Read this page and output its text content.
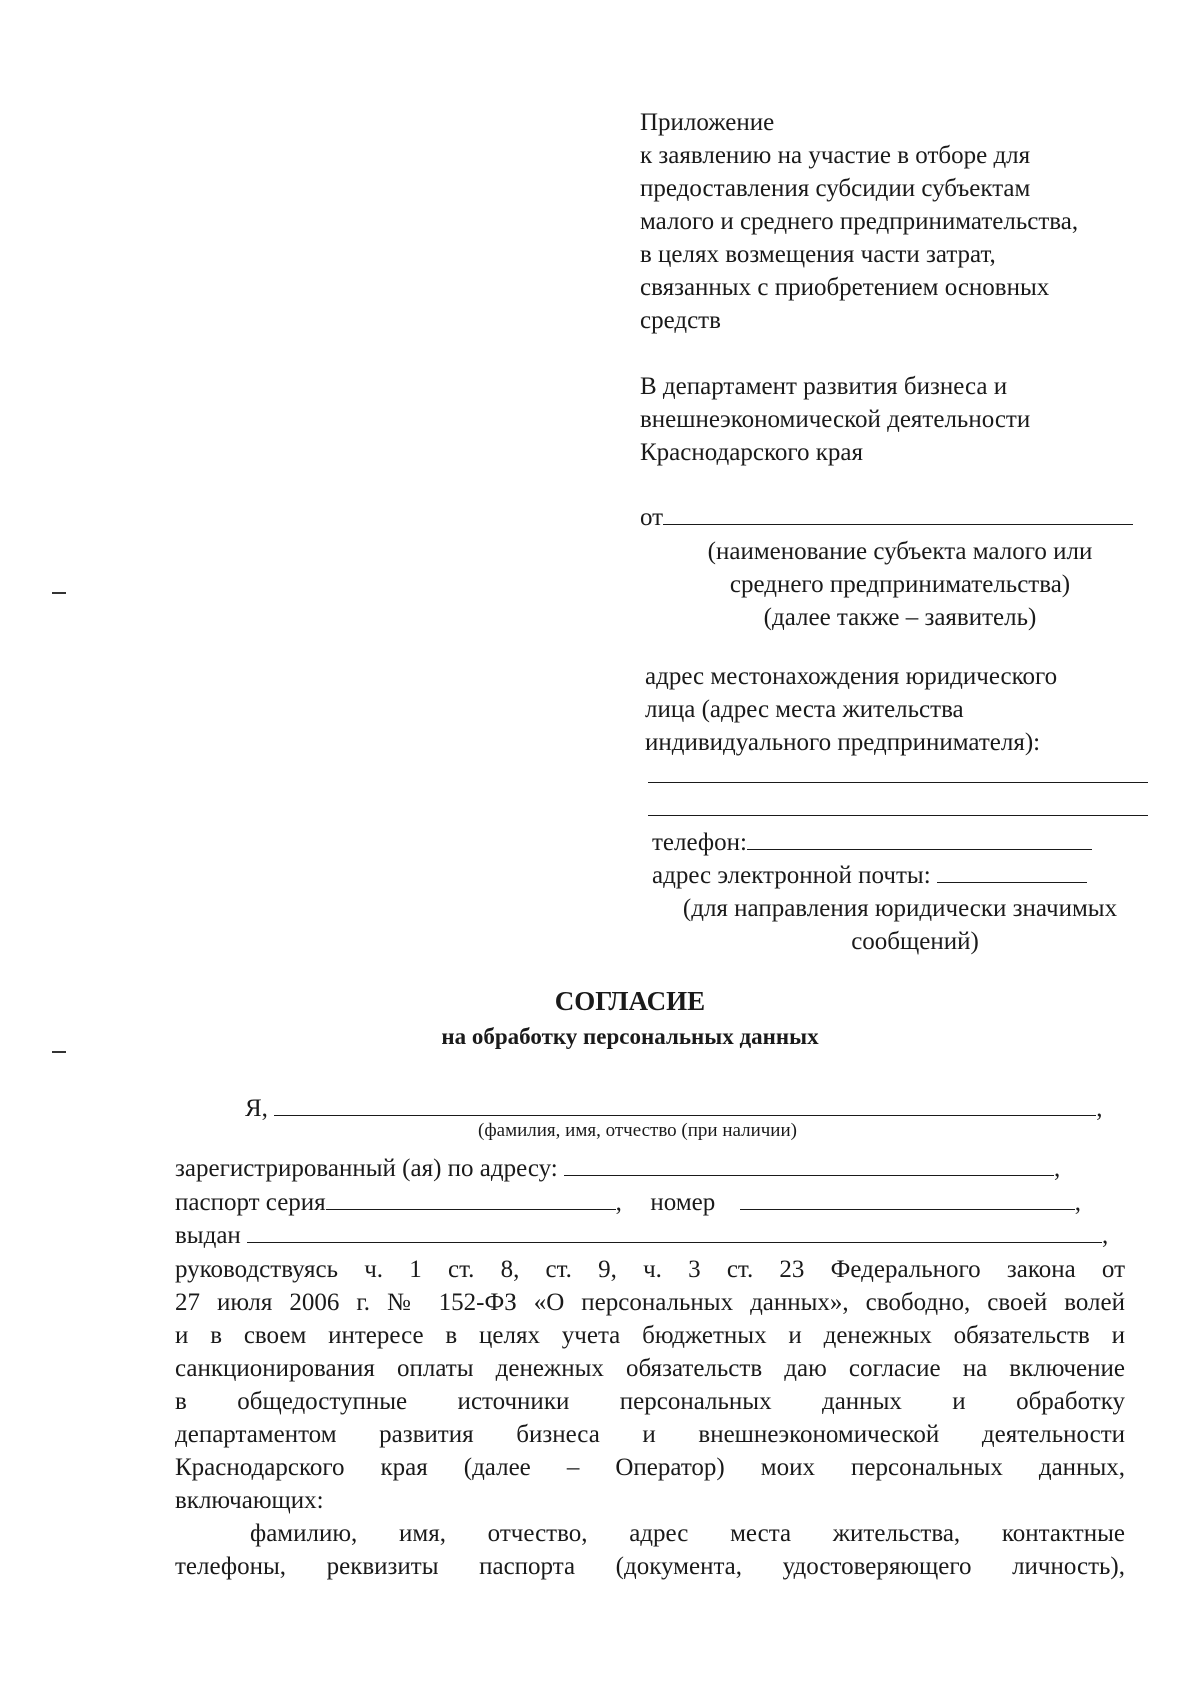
Приложение
к заявлению на участие в отборе для
предоставления субсидии субъектам
малого и среднего предпринимательства,
в целях возмещения части затрат,
связанных с приобретением основных
средств
В департамент развития бизнеса и
внешнеэкономической деятельности
Краснодарского края
от
(наименование субъекта малого или
среднего предпринимательства)
(далее также – заявитель)
адрес местонахождения юридического
лица (адрес места жительства
индивидуального предпринимателя):
телефон:
адрес электронной почты:
(для направления юридически значимых
сообщений)
СОГЛАСИЕ
на обработку персональных данных
Я,	,
(фамилия, имя, отчество (при наличии)
зарегистрированный (ая) по адресу:	,
паспорт серия	, номер	,
выдан	,
руководствуясь ч. 1 ст. 8, ст. 9, ч. 3 ст. 23 Федерального закона от
27 июля 2006 г. № 152-ФЗ «О персональных данных», свободно, своей волей
и в своем интересе в целях учета бюджетных и денежных обязательств и
санкционирования оплаты денежных обязательств даю согласие на включение
в общедоступные источники персональных данных и обработку
департаментом развития бизнеса и внешнеэкономической деятельности
Краснодарского края (далее – Оператор) моих персональных данных,
включающих:
фамилию, имя, отчество, адрес места жительства, контактные
телефоны, реквизиты паспорта (документа, удостоверяющего личность),
